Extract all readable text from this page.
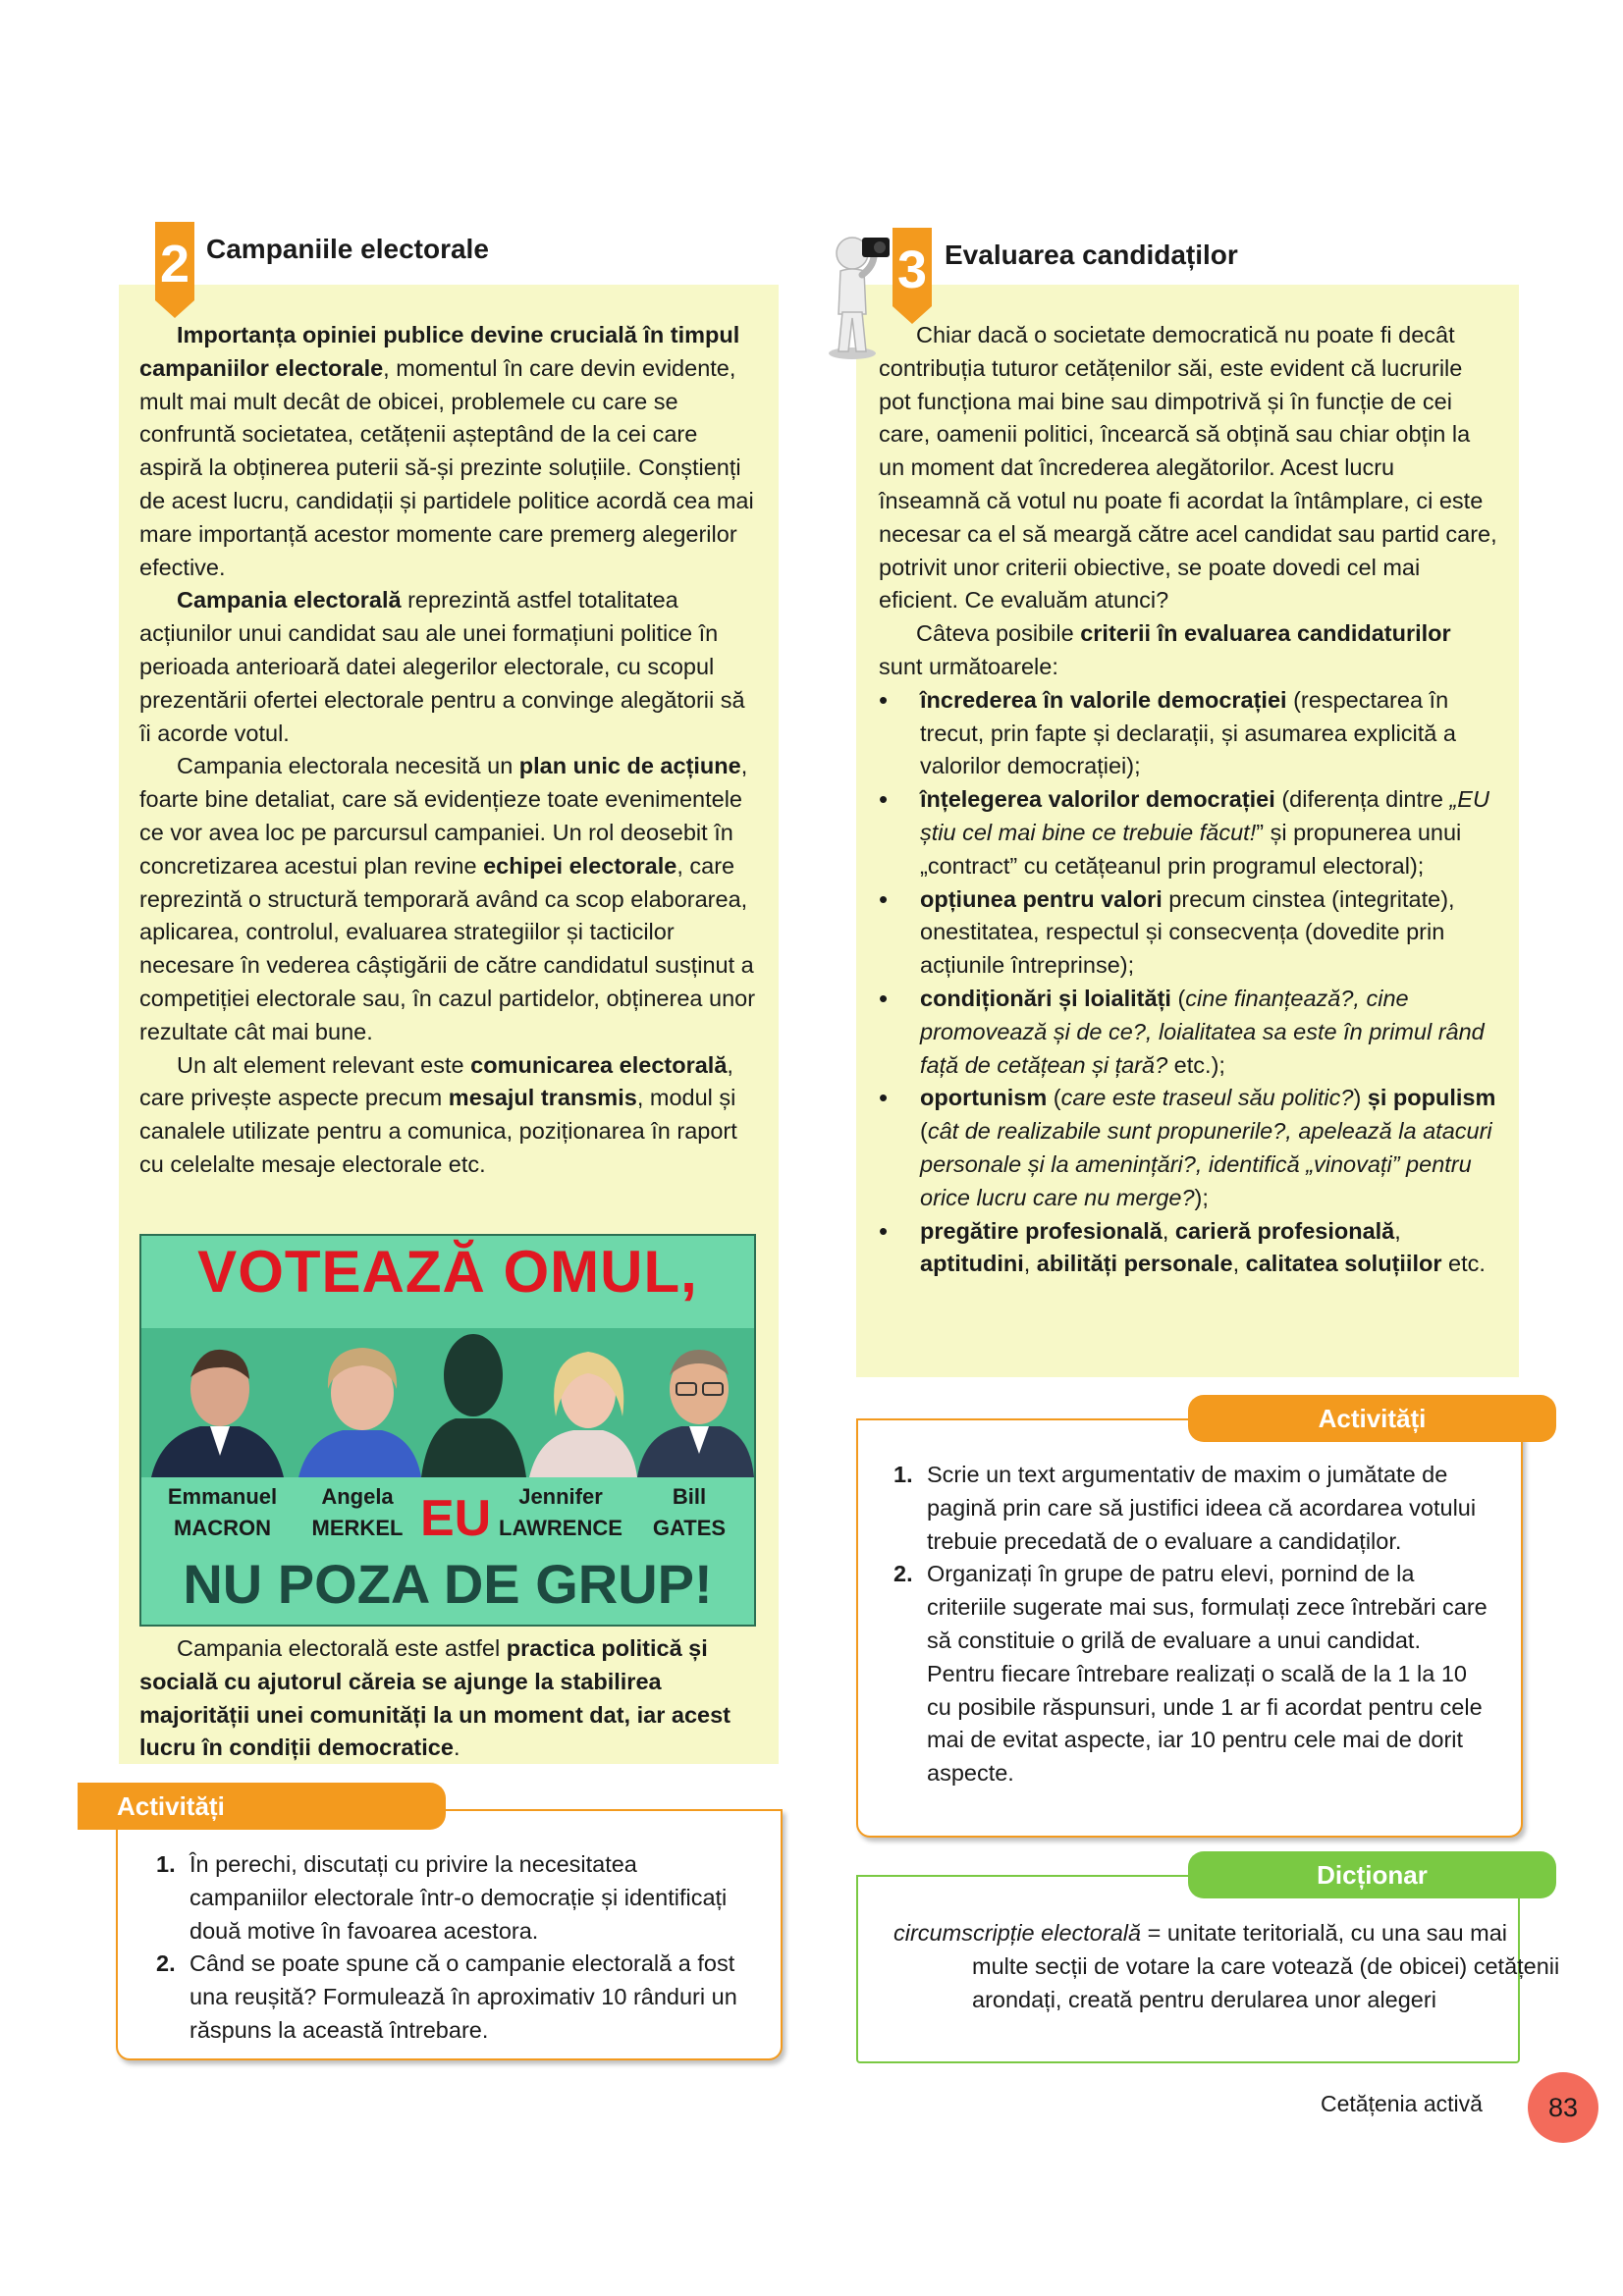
2 Campaniile electorale

Importanța opiniei publice devine crucială în timpul campaniilor electorale, momentul în care devin evidente, mult mai mult decât de obicei, problemele cu care se confruntă societatea, cetățenii așteptând de la cei care aspiră la obținerea puterii să-și prezinte soluțiile. Conștienți de acest lucru, candidații și partidele politice acordă cea mai mare importanță acestor momente care premerg alegerilor efective.

Campania electorală reprezintă astfel totalitatea acțiunilor unui candidat sau ale unei formațiuni politice în perioada anterioară datei alegerilor electorale, cu scopul prezentării ofertei electorale pentru a convinge alegătorii să îi acorde votul.

Campania electorala necesită un plan unic de acțiune, foarte bine detaliat, care să evidențieze toate evenimentele ce vor avea loc pe parcursul campaniei. Un rol deosebit în concretizarea acestui plan revine echipei electorale, care reprezintă o structură temporară având ca scop elaborarea, aplicarea, controlul, evaluarea strategiilor și tacticilor necesare în vederea câștigării de către candidatul susținut a competiției electorale sau, în cazul partidelor, obținerea unor rezultate cât mai bune.

Un alt element relevant este comunicarea electorală, care privește aspecte precum mesajul transmis, modul și canalele utilizate pentru a comunica, poziționarea în raport cu celelalte mesaje electorale etc.

VOTEAZĂ OMUL,
Emmanuel
MACRON
Angela
MERKEL EU	Jennifer
LAWRENCE
Bill
GATES
NU POZA DE GRUP!

Campania electorală este astfel practica politică și socială cu ajutorul căreia se ajunge la stabilirea majorității unei comunități la un moment dat, iar acest lucru în condiții democratice.

Activități
1. În perechi, discutați cu privire la necesitatea campaniilor electorale într-o democrație și identificați două motive în favoarea acestora.
2. Când se poate spune că o campanie electorală a fost una reușită? Formulează în aproximativ 10 rânduri un răspuns la această întrebare.
3 Evaluarea candidaților

Chiar dacă o societate democratică nu poate fi decât contribuția tuturor cetățenilor săi, este evident că lucrurile pot funcționa mai bine sau dimpotrivă și în funcție de cei care, oamenii politici, încearcă să obțină sau chiar obțin la un moment dat încrederea alegătorilor. Acest lucru înseamnă că votul nu poate fi acordat la întâmplare, ci este necesar ca el să meargă către acel candidat sau partid care, potrivit unor criterii obiective, se poate dovedi cel mai eficient. Ce evaluăm atunci?

Câteva posibile criterii în evaluarea candidaturilor sunt următoarele:

• încrederea în valorile democrației (respectarea în trecut, prin fapte și declarații, și asumarea explicită a valorilor democrației);
• înțelegerea valorilor democrației (diferența dintre „EU știu cel mai bine ce trebuie făcut!” și propunerea unui „contract” cu cetățeanul prin programul electoral);
• opțiunea pentru valori precum cinstea (integritate), onestitatea, respectul și consecvența (dovedite prin acțiunile întreprinse);
• condiționări și loialități (cine finanțează?, cine promovează și de ce?, loialitatea sa este în primul rând față de cetățean și țară? etc.);
• oportunism (care este traseul său politic?) și populism (cât de realizabile sunt propunerile?, apelează la atacuri personale și la amenințări?, identifică „vinovați” pentru orice lucru care nu merge?);
• pregătire profesională, carieră profesională, aptitudini, abilități personale, calitatea soluțiilor etc.
Activități
1. Scrie un text argumentativ de maxim o jumătate de pagină prin care să justifici ideea că acordarea votului trebuie precedată de o evaluare a candidaților.
2. Organizați în grupe de patru elevi, pornind de la criteriile sugerate mai sus, formulați zece întrebări care să constituie o grilă de evaluare a unui candidat. Pentru fiecare întrebare realizați o scală de la 1 la 10 cu posibile răspunsuri, unde 1 ar fi acordat pentru cele mai de evitat aspecte, iar 10 pentru cele mai de dorit aspecte.
Dicționar
circumscripție electorală = unitate teritorială, cu una sau mai multe secții de votare la care votează (de obicei) cetățenii arondați, creată pentru derularea unor alegeri
Cetățenia activă	83
